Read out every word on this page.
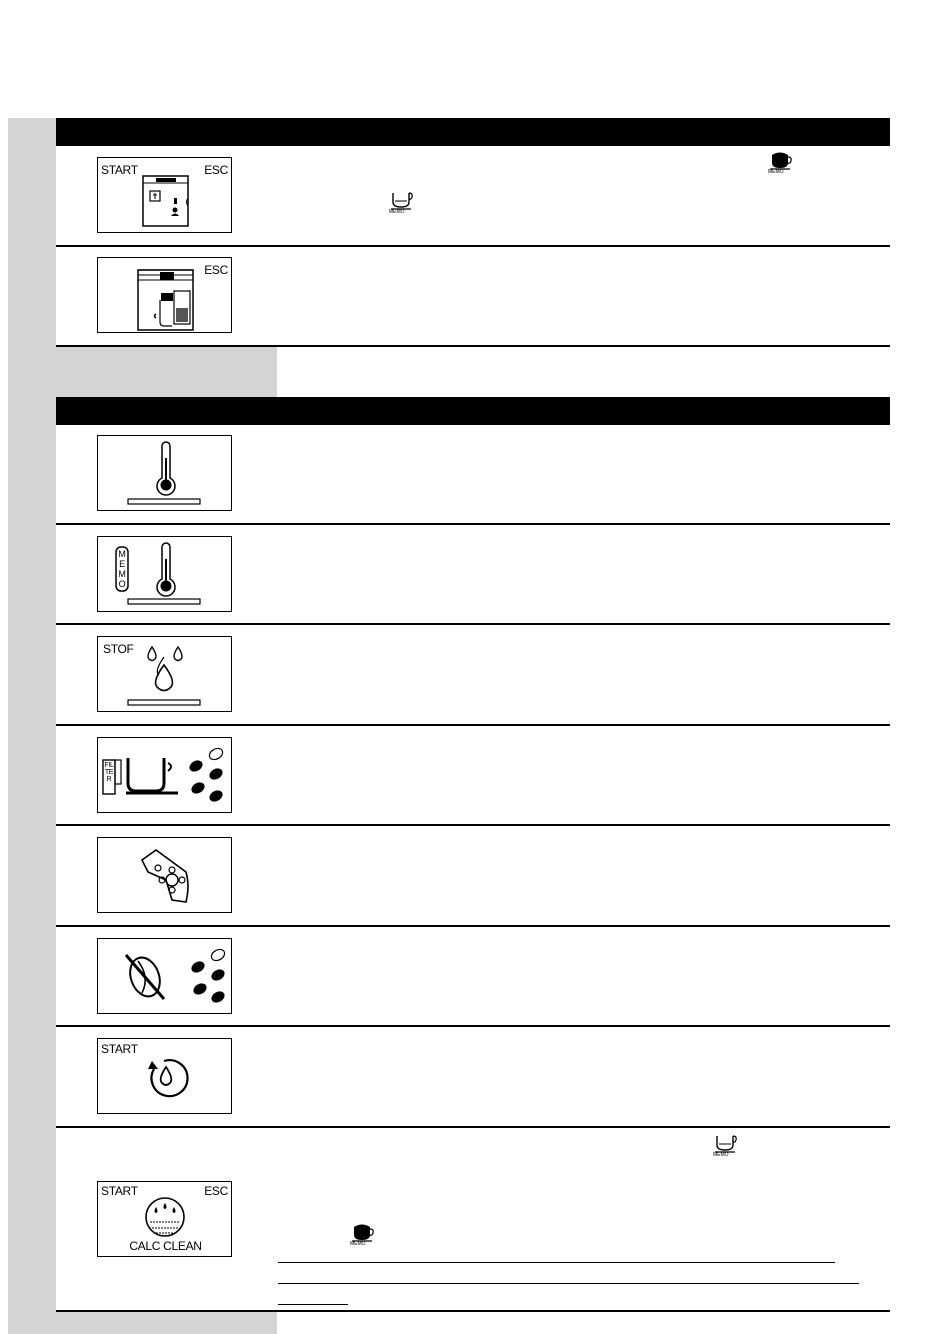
START	ESC
ESC
MEMO
STOF
FILTER
START
START	ESC
CALC CLEAN
MEMO
MEMO
MEMO
MEMO
